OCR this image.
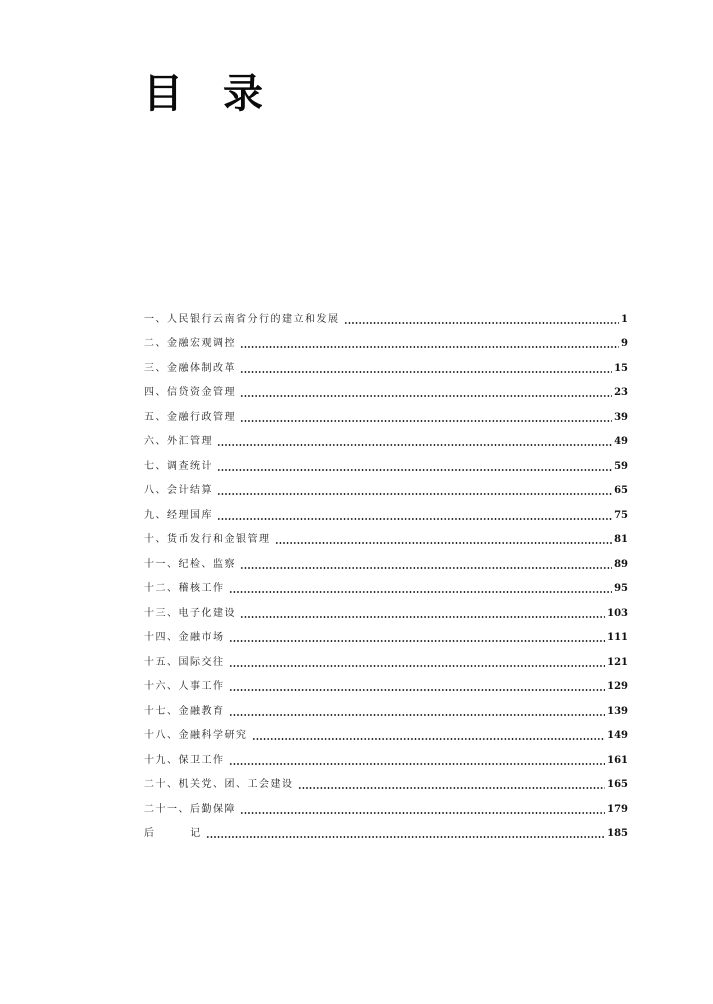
目 录
一、人民银行云南省分行的建立和发展	1
二、金融宏观调控	9
三、金融体制改革	15
四、信贷资金管理	23
五、金融行政管理	39
六、外汇管理	49
七、调查统计	59
八、会计结算	65
九、经理国库	75
十、货币发行和金银管理	81
十一、纪检、监察	89
十二、稽核工作	95
十三、电子化建设	103
十四、金融市场	111
十五、国际交往	121
十六、人事工作	129
十七、金融教育	139
十八、金融科学研究	149
十九、保卫工作	161
二十、机关党、团、工会建设	165
二十一、后勤保障	179
后 记	185
